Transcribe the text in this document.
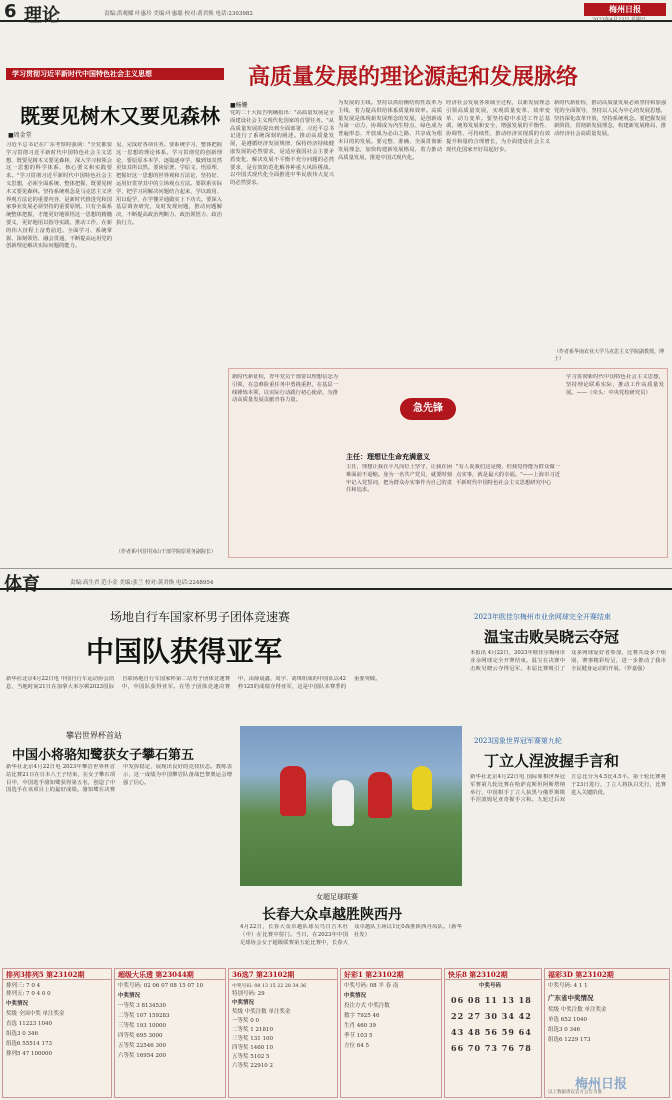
6 理论	责编:洪观樑 叶惠玲 美编:叶惠聪 校对:黄君焕 电话:2303982	梅州日报
2023年4月23日 星期日
学习贯彻习近平新时代中国特色社会主义思想
既要见树木又要见森林
■周金堂
习近平总书记在广东考察时强调："全党都要学习贯彻习近平新时代中国特色社会主义思想，既要见树木又要见森林，深入学习和领会这一思想的科学体系、核心要义和实践要求。"学习贯彻习近平新时代中国特色社会主义思想，必须全面系统、整体把握，既要见树木又要见森林。坚持系统观念是马克思主义世界观方法论的重要内容，是新时代推进党和国家事业发展必须坚持的重要原则。只有全面系统整体把握，才能更好地领悟这一思想的精髓要义，更好地用以指导实践、推动工作，在新的伟大征程上奋勇前进。全面学习、系统掌握、深刻领悟、融会贯通，不断提高运用党的创新理论解决实际问题的能力。
见，完成好各项任务。要系统学习，整体把握这一思想的理论体系。学习贯彻党的创新理论，要原原本本学、逐篇逐章学，做到知其然更知其所以然。要读原著、学原文、悟原理，把握好这一思想的世界观和方法论，坚持好、运用好贯穿其中的立场观点方法。要联系实际学，把学习同解决问题结合起来，学以致用、用以促学，在学懂弄通做实上下功夫。要深入基层调查研究，及时发现问题，推动问题解决，不断提高政治判断力、政治领悟力、政治执行力。
（作者系中国井冈山干部学院原常务副院长）
高质量发展的理论源起和发展脉络
■杨姗
党的二十大报告明确指出："高质量发展是全面建设社会主义现代化国家的首要任务。"从高质量发展的提出到全面部署，习近平总书记进行了系统深刻的阐述。推动高质量发展，是遵循经济发展规律、保持经济持续健康发展的必然要求，是适应我国社会主要矛盾变化、解决发展不平衡不充分问题的必然要求，是有效防范化解各种重大风险挑战、以中国式现代化全面推进中华民族伟大复兴的必然要求。
为发展的主线。坚持以供给侧结构性改革为主线，着力提高供给体系质量和效率。高质量发展是体现新发展理念的发展，是创新成为第一动力、协调成为内生特点、绿色成为普遍形态、开放成为必由之路、共享成为根本目的的发展。要完整、准确、全面贯彻新发展理念，加快构建新发展格局，着力推动高质量发展，推进中国式现代化。
经济社会发展各领域全过程，以新发展理念引领高质量发展，实现质量变革、效率变革、动力变革。要坚持稳中求进工作总基调，统筹发展和安全，增强发展的平衡性、协调性、可持续性，推动经济实现质的有效提升和量的合理增长，为全面建设社会主义现代化国家开好局起好步。
新时代新征程，推动高质量发展必须坚持和加强党的全面领导，坚持以人民为中心的发展思想，坚持深化改革开放，坚持系统观念。要把握发展新阶段，贯彻新发展理念，构建新发展格局，推动经济社会高质量发展。
（作者系华南农业大学马克思主义学院副教授、博士）
急先锋
主任：理想让生命充满意义
新时代新征程，青年党员干部要以理想信念为引领，在急难险重任务中勇挑重担，在基层一线锤炼本领，以实际行动践行初心使命，为推动高质量发展贡献青春力量。
主任，理想让我在平凡岗位上坚守，让我在困难面前不退缩。身为一名共产党员，就要时刻牢记入党誓词，把为群众办实事作为自己的责任和追求。
"有人说我们这是傻，但我觉得能为群众做一点实事，就是最大的幸福。"——上海市习近平新时代中国特色社会主义思想研究中心
学习贯彻新时代中国特色社会主义思想，坚持理论联系实际，推动工作高质量发展。——（牵头：中央党校研究员）
体育	责编:高生君 范小金 美编:张兰 校对:黄君焕 电话:2248954
场地自行车国家杯男子团体竞速赛
中国队获得亚军
新华社北京4月22日电 中国自行车运动协会消息，当地时间21日在加拿大米尔顿2023国际自联场地自行车国家杯第二站男子团体竞速赛中，中国队获得亚军。在男子团体竞速决赛中，由薛晨鑫、周宇、刘琪组成的中国队以42秒125的成绩夺得亚军，这是中国队本赛季的重要突破。
攀岩世界杯首站
中国小将骆知鹭获女子攀石第五
新华社北京4月22日电 2023年攀岩世界杯首站比赛21日在日本八王子结束，在女子攀石项目中，中国选手骆知鹭获得第五名，创造了中国选手在该项目上的最好成绩。骆知鹭在决赛中发挥稳定，展现出良好的竞技状态。教练表示，这一成绩为中国攀岩队备战巴黎奥运会增强了信心。
女超足球联赛
长春大众卓越胜陕西丹
4月22日，长春大众卓越队球员鸟日吉木杜（中）在比赛中射门。当日，在2023年中国足球协会女子超级联赛第五轮比赛中，长春大众卓越队主场以1比0战胜陕西丹凤队。（新华社发）
2023年欧佳尔梅州市业余网球完全开赛结束
温宝击败吴晓云夺冠
本报讯 4月22日，2023年欧佳尔梅州市业余网球完全开赛结束。温宝在决赛中击败吴晓云夺得冠军。本届比赛吸引了众多网球爱好者参加，比赛共设多个组别，赛事精彩纷呈，进一步推动了我市全民健身运动的开展。（罗嘉强）
2023国象世界冠军赛第九轮
丁立人涅波握手言和
新华社北京4月22日电 国际象棋世界冠军赛第九轮比赛在哈萨克斯坦阿斯塔纳举行，中国棋手丁立人执黑与俄罗斯棋手涅波姆尼亚奇握手言和。九轮过后双方总比分为4.5比4.5平。第十轮比赛将于23日进行，丁立人将执白先行，比赛进入关键阶段。
排列3排列5 第23102期
排列三: 7 0 4
排列五: 7 0 4 0 0
中奖情况
奖级 全国中奖 单注奖金
直选 11223 1040
组选3 0 346
组选6 55514 173
排列5 47 100000
超级大乐透 第23044期
中奖号码: 02 06 07 08 15 07 10
中奖情况
一等奖 3 8134530
二等奖 107 159283
三等奖 193 10000
四等奖 695 3000
五等奖 22546 300
六等奖 16954 200
36选7 第23102期
中奖号码: 08 13 15 22 28 34 36
特别号码: 29
中奖情况
奖级 中奖注数 单注奖金
一等奖 0 0
二等奖 1 21810
三等奖 131 100
四等奖 1460 10
五等奖 5102 5
六等奖 22910 2
好彩1 第23102期
中奖号码: 08 羊 春 南
中奖情况
投注方式 中奖注数
数字 7925 46
生肖 460 39
季节 103 5
方位 64 5
快乐8 第23102期
中奖号码
06 08 11 13 18
22 27 30 34 42
43 48 56 59 64
66 70 73 76 78
福彩3D 第23102期
中奖号码: 4 1 1
广东省中奖情况
奖级 中奖注数 单注奖金
单选 652 1040
组选3 0 346
组选6 1229 173
梅州日报
以上数据请以官方公告为准
